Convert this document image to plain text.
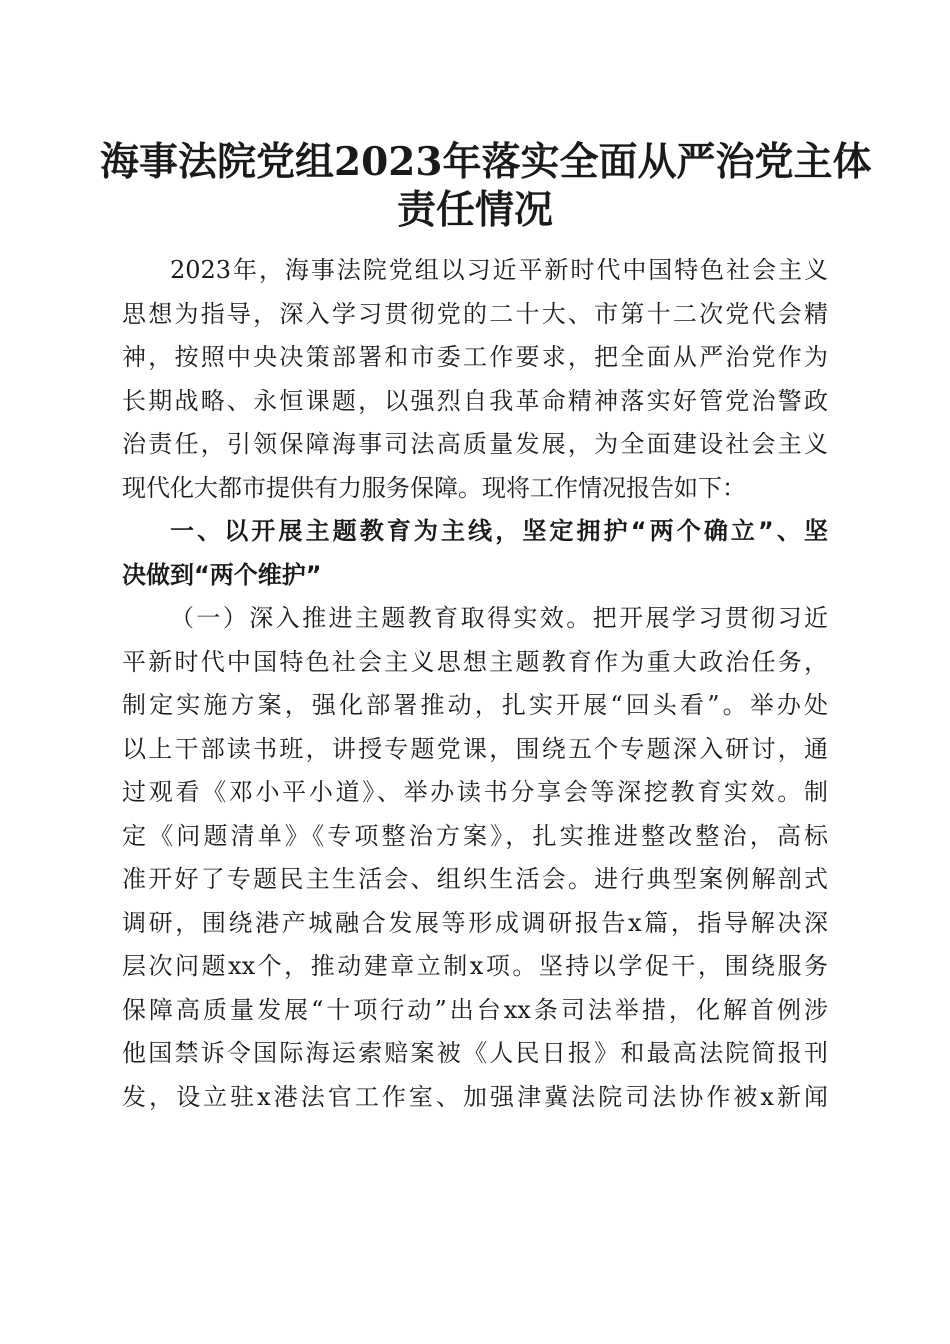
海事法院党组2023年落实全面从严治党主体
责任情况
2023年，海事法院党组以习近平新时代中国特色社会主义
思想为指导，深入学习贯彻党的二十大、市第十二次党代会精
神，按照中央决策部署和市委工作要求，把全面从严治党作为
长期战略、永恒课题，以强烈自我革命精神落实好管党治警政
治责任，引领保障海事司法高质量发展，为全面建设社会主义
现代化大都市提供有力服务保障。现将工作情况报告如下：
一、以开展主题教育为主线，坚定拥护“两个确立”、坚
决做到“两个维护”
（一）深入推进主题教育取得实效。把开展学习贯彻习近
平新时代中国特色社会主义思想主题教育作为重大政治任务，
制定实施方案，强化部署推动，扎实开展“回头看”。举办处
以上干部读书班，讲授专题党课，围绕五个专题深入研讨，通
过观看《邓小平小道》、举办读书分享会等深挖教育实效。制
定《问题清单》《专项整治方案》，扎实推进整改整治，高标
准开好了专题民主生活会、组织生活会。进行典型案例解剖式
调研，围绕港产城融合发展等形成调研报告x篇，指导解决深
层次问题xx个，推动建章立制x项。坚持以学促干，围绕服务
保障高质量发展“十项行动”出台xx条司法举措，化解首例涉
他国禁诉令国际海运索赔案被《人民日报》和最高法院简报刊
发，设立驻x港法官工作室、加强津冀法院司法协作被x新闻
